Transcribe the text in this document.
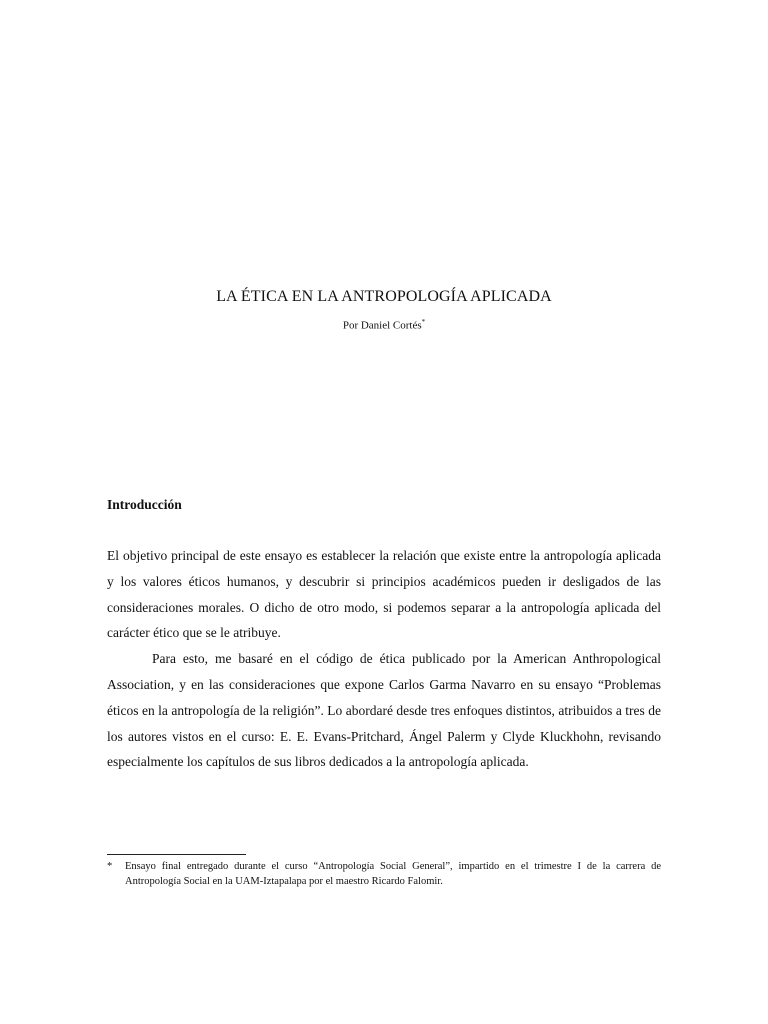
LA ÉTICA EN LA ANTROPOLOGÍA APLICADA
Por Daniel Cortés*
Introducción

El objetivo principal de este ensayo es establecer la relación que existe entre la antropología aplicada y los valores éticos humanos, y descubrir si principios académicos pueden ir desligados de las consideraciones morales. O dicho de otro modo, si podemos separar a la antropología aplicada del carácter ético que se le atribuye.

Para esto, me basaré en el código de ética publicado por la American Anthropological Association, y en las consideraciones que expone Carlos Garma Navarro en su ensayo “Problemas éticos en la antropología de la religión”. Lo abordaré desde tres enfoques distintos, atribuidos a tres de los autores vistos en el curso: E. E. Evans-Pritchard, Ángel Palerm y Clyde Kluckhohn, revisando especialmente los capítulos de sus libros dedicados a la antropología aplicada.

* Ensayo final entregado durante el curso “Antropología Social General”, impartido en el trimestre I de la carrera de Antropología Social en la UAM-Iztapalapa por el maestro Ricardo Falomir.
